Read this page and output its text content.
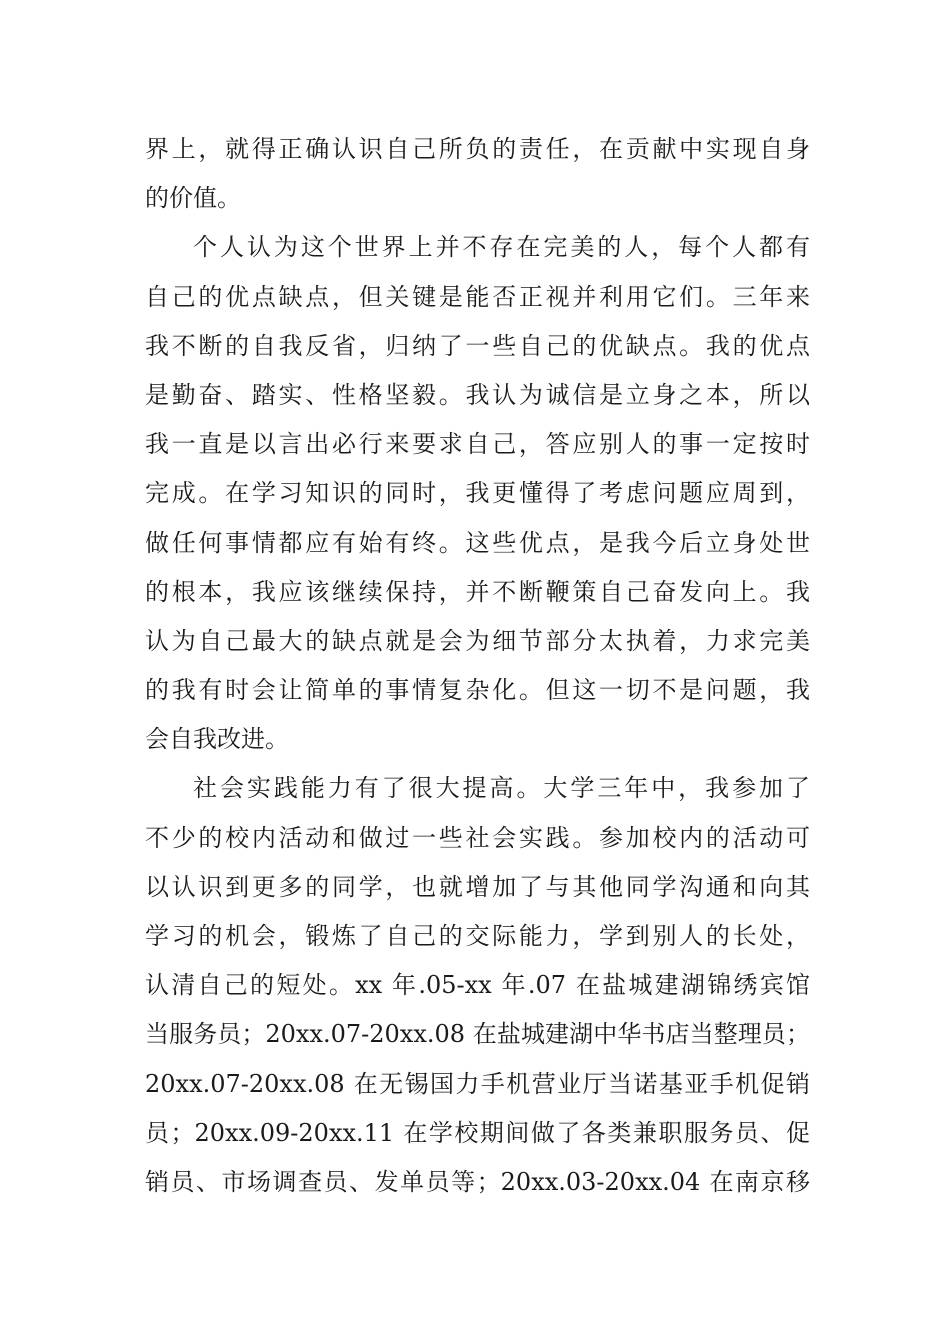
界上，就得正确认识自己所负的责任，在贡献中实现自身
的价值。
个人认为这个世界上并不存在完美的人，每个人都有
自己的优点缺点，但关键是能否正视并利用它们。三年来
我不断的自我反省，归纳了一些自己的优缺点。我的优点
是勤奋、踏实、性格坚毅。我认为诚信是立身之本，所以
我一直是以言出必行来要求自己，答应别人的事一定按时
完成。在学习知识的同时，我更懂得了考虑问题应周到，
做任何事情都应有始有终。这些优点，是我今后立身处世
的根本，我应该继续保持，并不断鞭策自己奋发向上。我
认为自己最大的缺点就是会为细节部分太执着，力求完美
的我有时会让简单的事情复杂化。但这一切不是问题，我
会自我改进。
社会实践能力有了很大提高。大学三年中，我参加了
不少的校内活动和做过一些社会实践。参加校内的活动可
以认识到更多的同学，也就增加了与其他同学沟通和向其
学习的机会，锻炼了自己的交际能力，学到别人的长处，
认清自己的短处。xx 年.05-xx 年.07 在盐城建湖锦绣宾馆
当服务员；20xx.07-20xx.08 在盐城建湖中华书店当整理员；
20xx.07-20xx.08 在无锡国力手机营业厅当诺基亚手机促销
员；20xx.09-20xx.11 在学校期间做了各类兼职服务员、促
销员、市场调查员、发单员等；20xx.03-20xx.04 在南京移
